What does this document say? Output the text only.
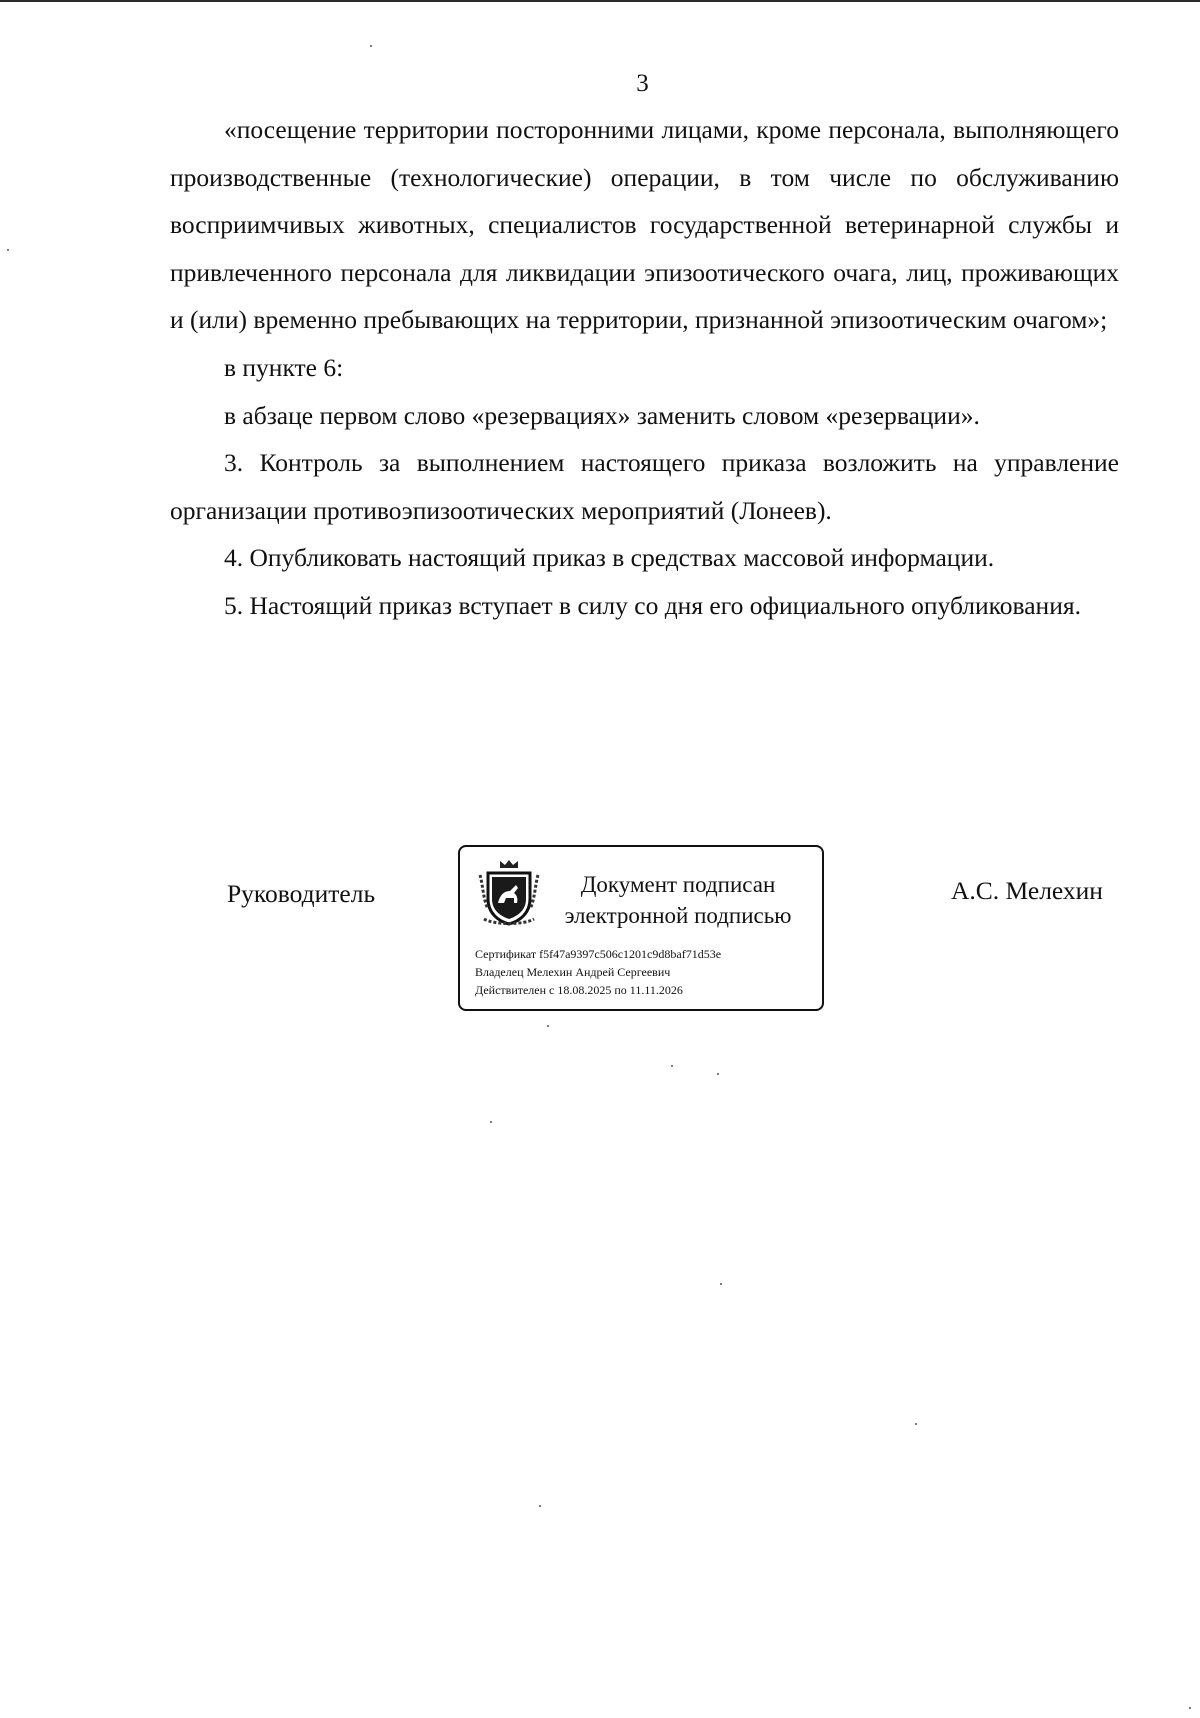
3

«посещение территории посторонними лицами, кроме персонала, выполняющего производственные (технологические) операции, в том числе по обслуживанию восприимчивых животных, специалистов государственной ветеринарной службы и привлеченного персонала для ликвидации эпизоотического очага, лиц, проживающих и (или) временно пребывающих на территории, признанной эпизоотическим очагом»;

в пункте 6:

в абзаце первом слово «резервациях» заменить словом «резервации».

3. Контроль за выполнением настоящего приказа возложить на управление организации противоэпизоотических мероприятий (Лонеев).

4. Опубликовать настоящий приказ в средствах массовой информации.

5. Настоящий приказ вступает в силу со дня его официального опубликования.

Руководитель	Документ подписан
электронной подписью
Сертификат f5f47a9397c506c1201c9d8baf71d53e
Владелец Мелехин Андрей Сергеевич
Действителен с 18.08.2025 по 11.11.2026
А.С. Мелехин
